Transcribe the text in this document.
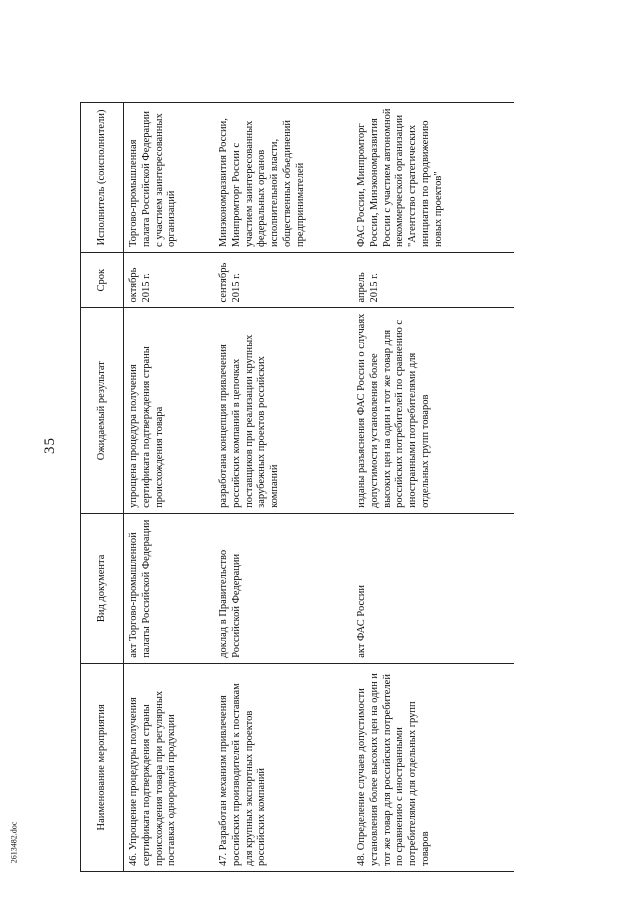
35
2613482.doc
Наименование мероприятия	Вид документа	Ожидаемый результат	Срок	Исполнитель (соисполнители)
46. Упрощение процедуры получения сертификата подтверждения страны происхождения товара при регулярных поставках однородной продукции	акт Торгово-промышленной палаты Российской Федерации	упрощена процедура получения сертификата подтверждения страны происхождения товара	октябрь 2015 г.	Торгово-промышленная палата Российской Федерации с участием заинтересованных организаций
47. Разработан механизм привлечения российских производителей к поставкам для крупных экспортных проектов российских компаний	доклад в Правительство Российской Федерации	разработана концепция привлечения российских компаний в цепочках поставщиков при реализации крупных зарубежных проектов российских компаний	сентябрь 2015 г.	Минэкономразвития России, Минпромторг России с участием заинтересованных федеральных органов исполнительной власти, общественных объединений предпринимателей
48. Определение случаев допустимости установления более высоких цен на один и тот же товар для российских потребителей по сравнению с иностранными потребителями для отдельных групп товаров	акт ФАС России	изданы разъяснения ФАС России о случаях допустимости установления более высоких цен на один и тот же товар для российских потребителей по сравнению с иностранными потребителями для отдельных групп товаров	апрель 2015 г.	ФАС России, Минпромторг России, Минэкономразвития России с участием автономной некоммерческой организации "Агентство стратегических инициатив по продвижению новых проектов"
